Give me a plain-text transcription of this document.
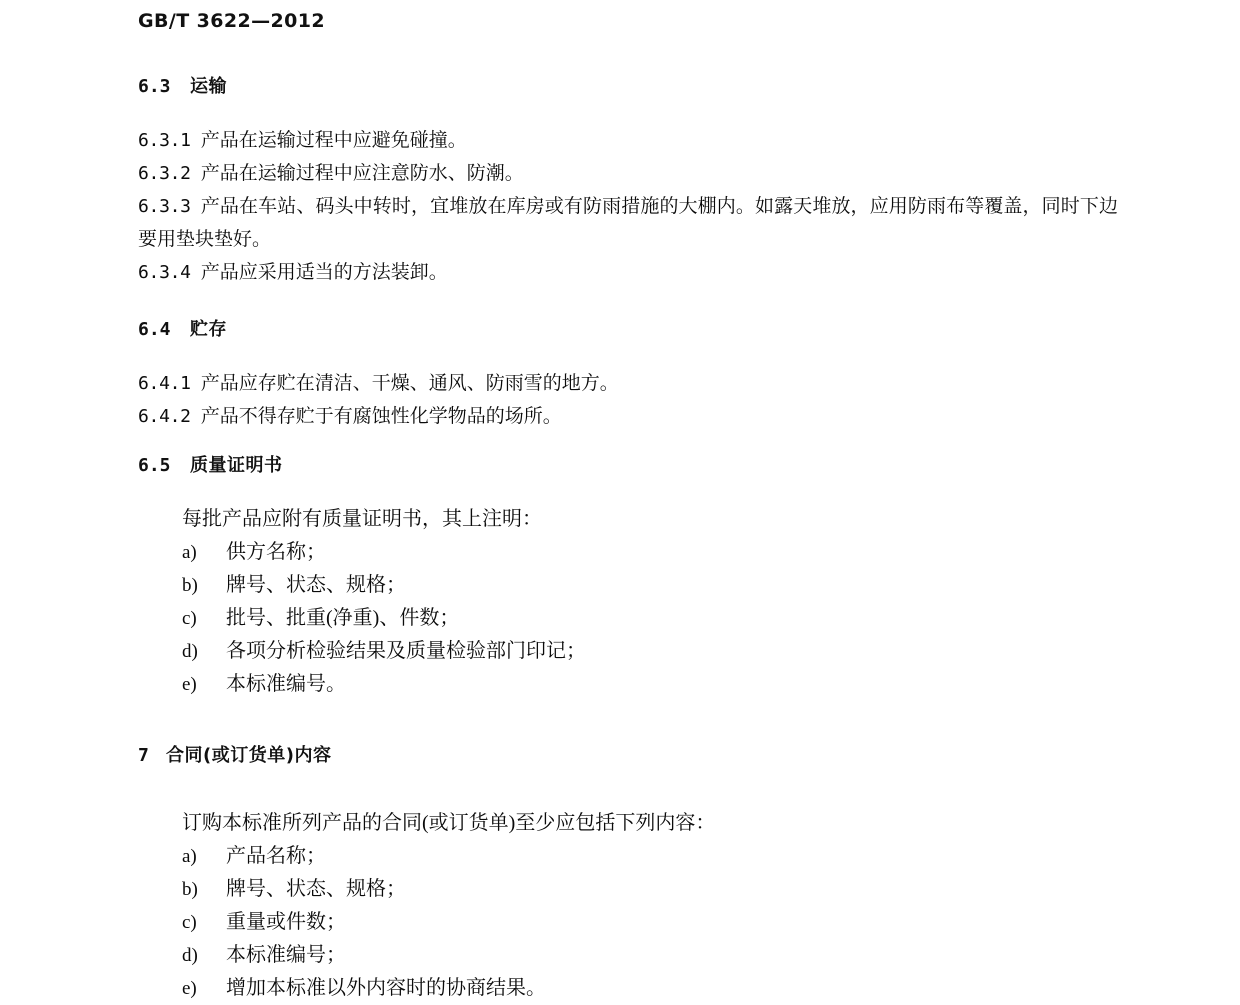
GB/T 3622—2012
6.3 运输

6.3.1 产品在运输过程中应避免碰撞。

6.3.2 产品在运输过程中应注意防水、防潮。

6.3.3 产品在车站、码头中转时，宜堆放在库房或有防雨措施的大棚内。如露天堆放，应用防雨布等覆盖，同时下边要用垫块垫好。

6.3.4 产品应采用适当的方法装卸。

6.4 贮存

6.4.1 产品应存贮在清洁、干燥、通风、防雨雪的地方。

6.4.2 产品不得存贮于有腐蚀性化学物品的场所。

6.5 质量证明书

每批产品应附有质量证明书，其上注明：

a)	供方名称；
b)	牌号、状态、规格；
c)	批号、批重(净重)、件数；
d)	各项分析检验结果及质量检验部门印记；
e)	本标准编号。
7 合同(或订货单)内容

订购本标准所列产品的合同(或订货单)至少应包括下列内容：

a)	产品名称；
b)	牌号、状态、规格；
c)	重量或件数；
d)	本标准编号；
e)	增加本标准以外内容时的协商结果。
